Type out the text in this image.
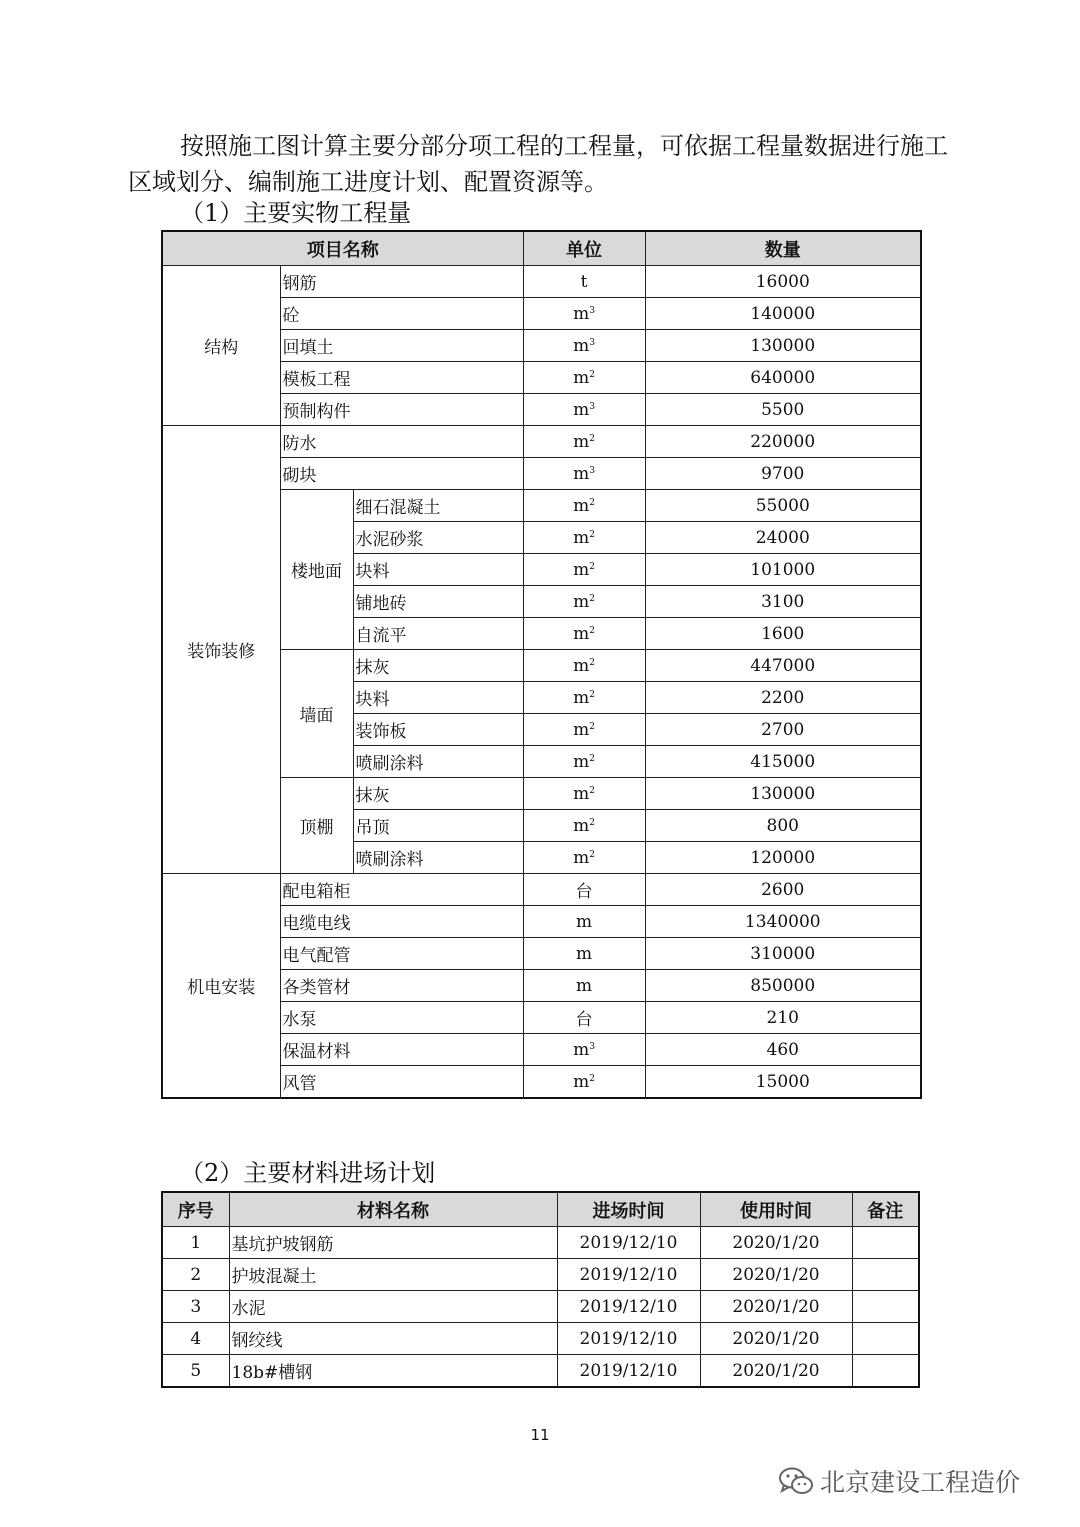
按照施工图计算主要分部分项工程的工程量，可依据工程量数据进行施工区域划分、编制施工进度计划、配置资源等。
（1）主要实物工程量
项目名称			单位	数量
结构	钢筋		t	16000
	砼		$m^3$	140000
	回填土		$m^3$	130000
	模板工程		$m^2$	640000
	预制构件		$m^3$	5500
装饰装修	防水		$m^2$	220000
	砌块		$m^3$	9700
	楼地面	细石混凝土	$m^2$	55000
		水泥砂浆	$m^2$	24000
		块料	$m^2$	101000
		铺地砖	$m^2$	3100
		自流平	$m^2$	1600
	墙面	抹灰	$m^2$	447000
		块料	$m^2$	2200
		装饰板	$m^2$	2700
		喷刷涂料	$m^2$	415000
	顶棚	抹灰	$m^2$	130000
		吊顶	$m^2$	800
		喷刷涂料	$m^2$	120000
机电安装	配电箱柜		台	2600
	电缆电线		m	1340000
	电气配管		m	310000
	各类管材		m	850000
	水泵		台	210
	保温材料		$m^3$	460
	风管		$m^2$	15000
（2）主要材料进场计划
序号	材料名称	进场时间	使用时间	备注
1	基坑护坡钢筋	2019/12/10	2020/1/20	
2	护坡混凝土	2019/12/10	2020/1/20	
3	水泥	2019/12/10	2020/1/20	
4	钢绞线	2019/12/10	2020/1/20	
5	18b#槽钢	2019/12/10	2020/1/20	
11
北京建设工程造价
